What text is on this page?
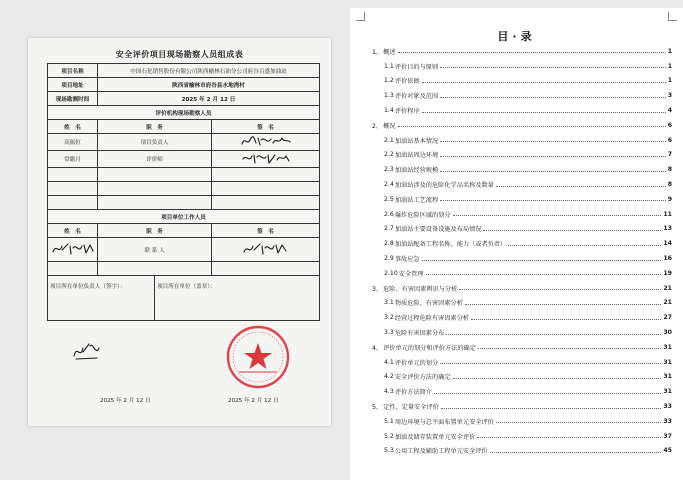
安全评价项目现场勘察人员组成表
项目名称	中国石化销售股份有限公司陕西榆林石油分公司府谷百盛加油站		
项目地址	陕西省榆林市府谷县水地湾村		
现场勘测时间	2025 年 2 月 12 日		
评价机构现场勘察人员			
姓　名	职　务		签　名
高振恒	项目负责人	
常瞻月	评价师	

项目单位工作人员			
姓　名	职　务		签　名
	联 系 人	

项目所在单位负责人（签字）：		项目所在单位（盖章）：	
2025 年 2 月 12 日	2025 年 2 月 12 日
目·录
1、 概述	1
1.1 评价目的与原则	1
1.2 评价依据	1
1.3 评价对象及范围	3
1.4 评价程序	4
2、 概况	6
2.1 加油站基本情况	6
2.2 加油站周边环境	7
2.3 加油站经营规模	8
2.4 加油站涉及的危险化学品名称及数量	8
2.5 加油站工艺流程	9
2.6 爆炸危险区域的划分	11
2.7 加油站主要设备设施及布局情况	13
2.8 加油站配备工程名称、能力（或者负责）	14
2.9 事故应急	16
2.10 安全管理	19
3、 危险、有害因素辨识与分析	21
3.1 物质危险、有害因素分析	21
3.2 经营过程危险有害因素分析	27
3.3 危险有害因素分布	30
4、 评价单元的划分和评价方法的确定	31
4.1 评价单元的划分	31
4.2 安全评价方法的确定	31
4.3 评价方法简介	31
5、 定性、定量安全评价	33
5.1 周边环境与总平面布置单元安全评价	33
5.2 加油及储存装置单元安全评价	37
5.3 公用工程及辅助工程单元安全评价	45
